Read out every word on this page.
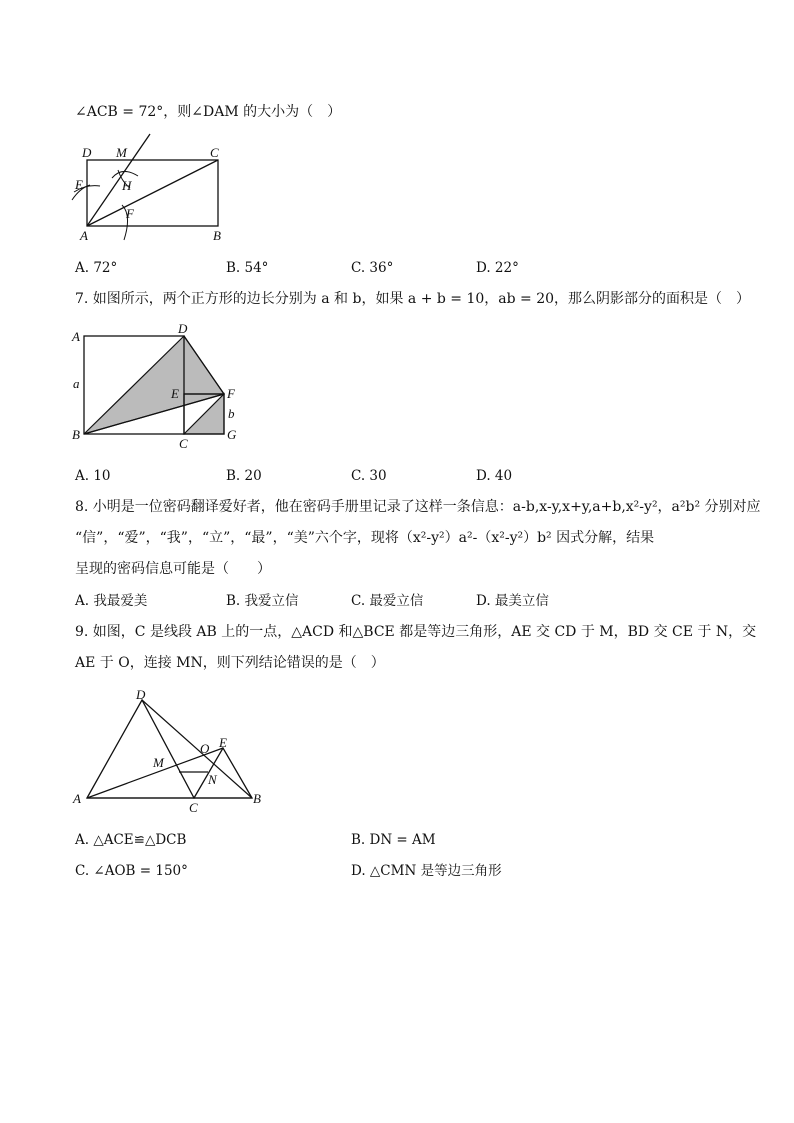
∠ACB = 72°，则∠DAM 的大小为（　）
D M	C
E	H
F
A	B
A. 72°	B. 54°	C. 36°	D. 22°
7. 如图所示，两个正方形的边长分别为 a 和 b，如果 a + b = 10，ab = 20，那么阴影部分的面积是（　）
A
D
a
E	F
b
B
C
G
A. 10	B. 20	C. 30	D. 40
8. 小明是一位密码翻译爱好者，他在密码手册里记录了这样一条信息：a-b,x-y,x+y,a+b,x²-y²，a²b² 分别对应
“信”，“爱”，“我”，“立”，“最”，“美”六个字，现将（x²-y²）a²-（x²-y²）b² 因式分解，结果
呈现的密码信息可能是（　　）
A. 我最爱美	B. 我爱立信	C. 最爱立信	D. 最美立信
9. 如图，C 是线段 AB 上的一点，△ACD 和△BCE 都是等边三角形，AE 交 CD 于 M，BD 交 CE 于 N，交
AE 于 O，连接 MN，则下列结论错误的是（　）
D
O E
M
N
A
C
B
A. △ACE≌△DCB	B. DN = AM
C. ∠AOB = 150°	D. △CMN 是等边三角形
